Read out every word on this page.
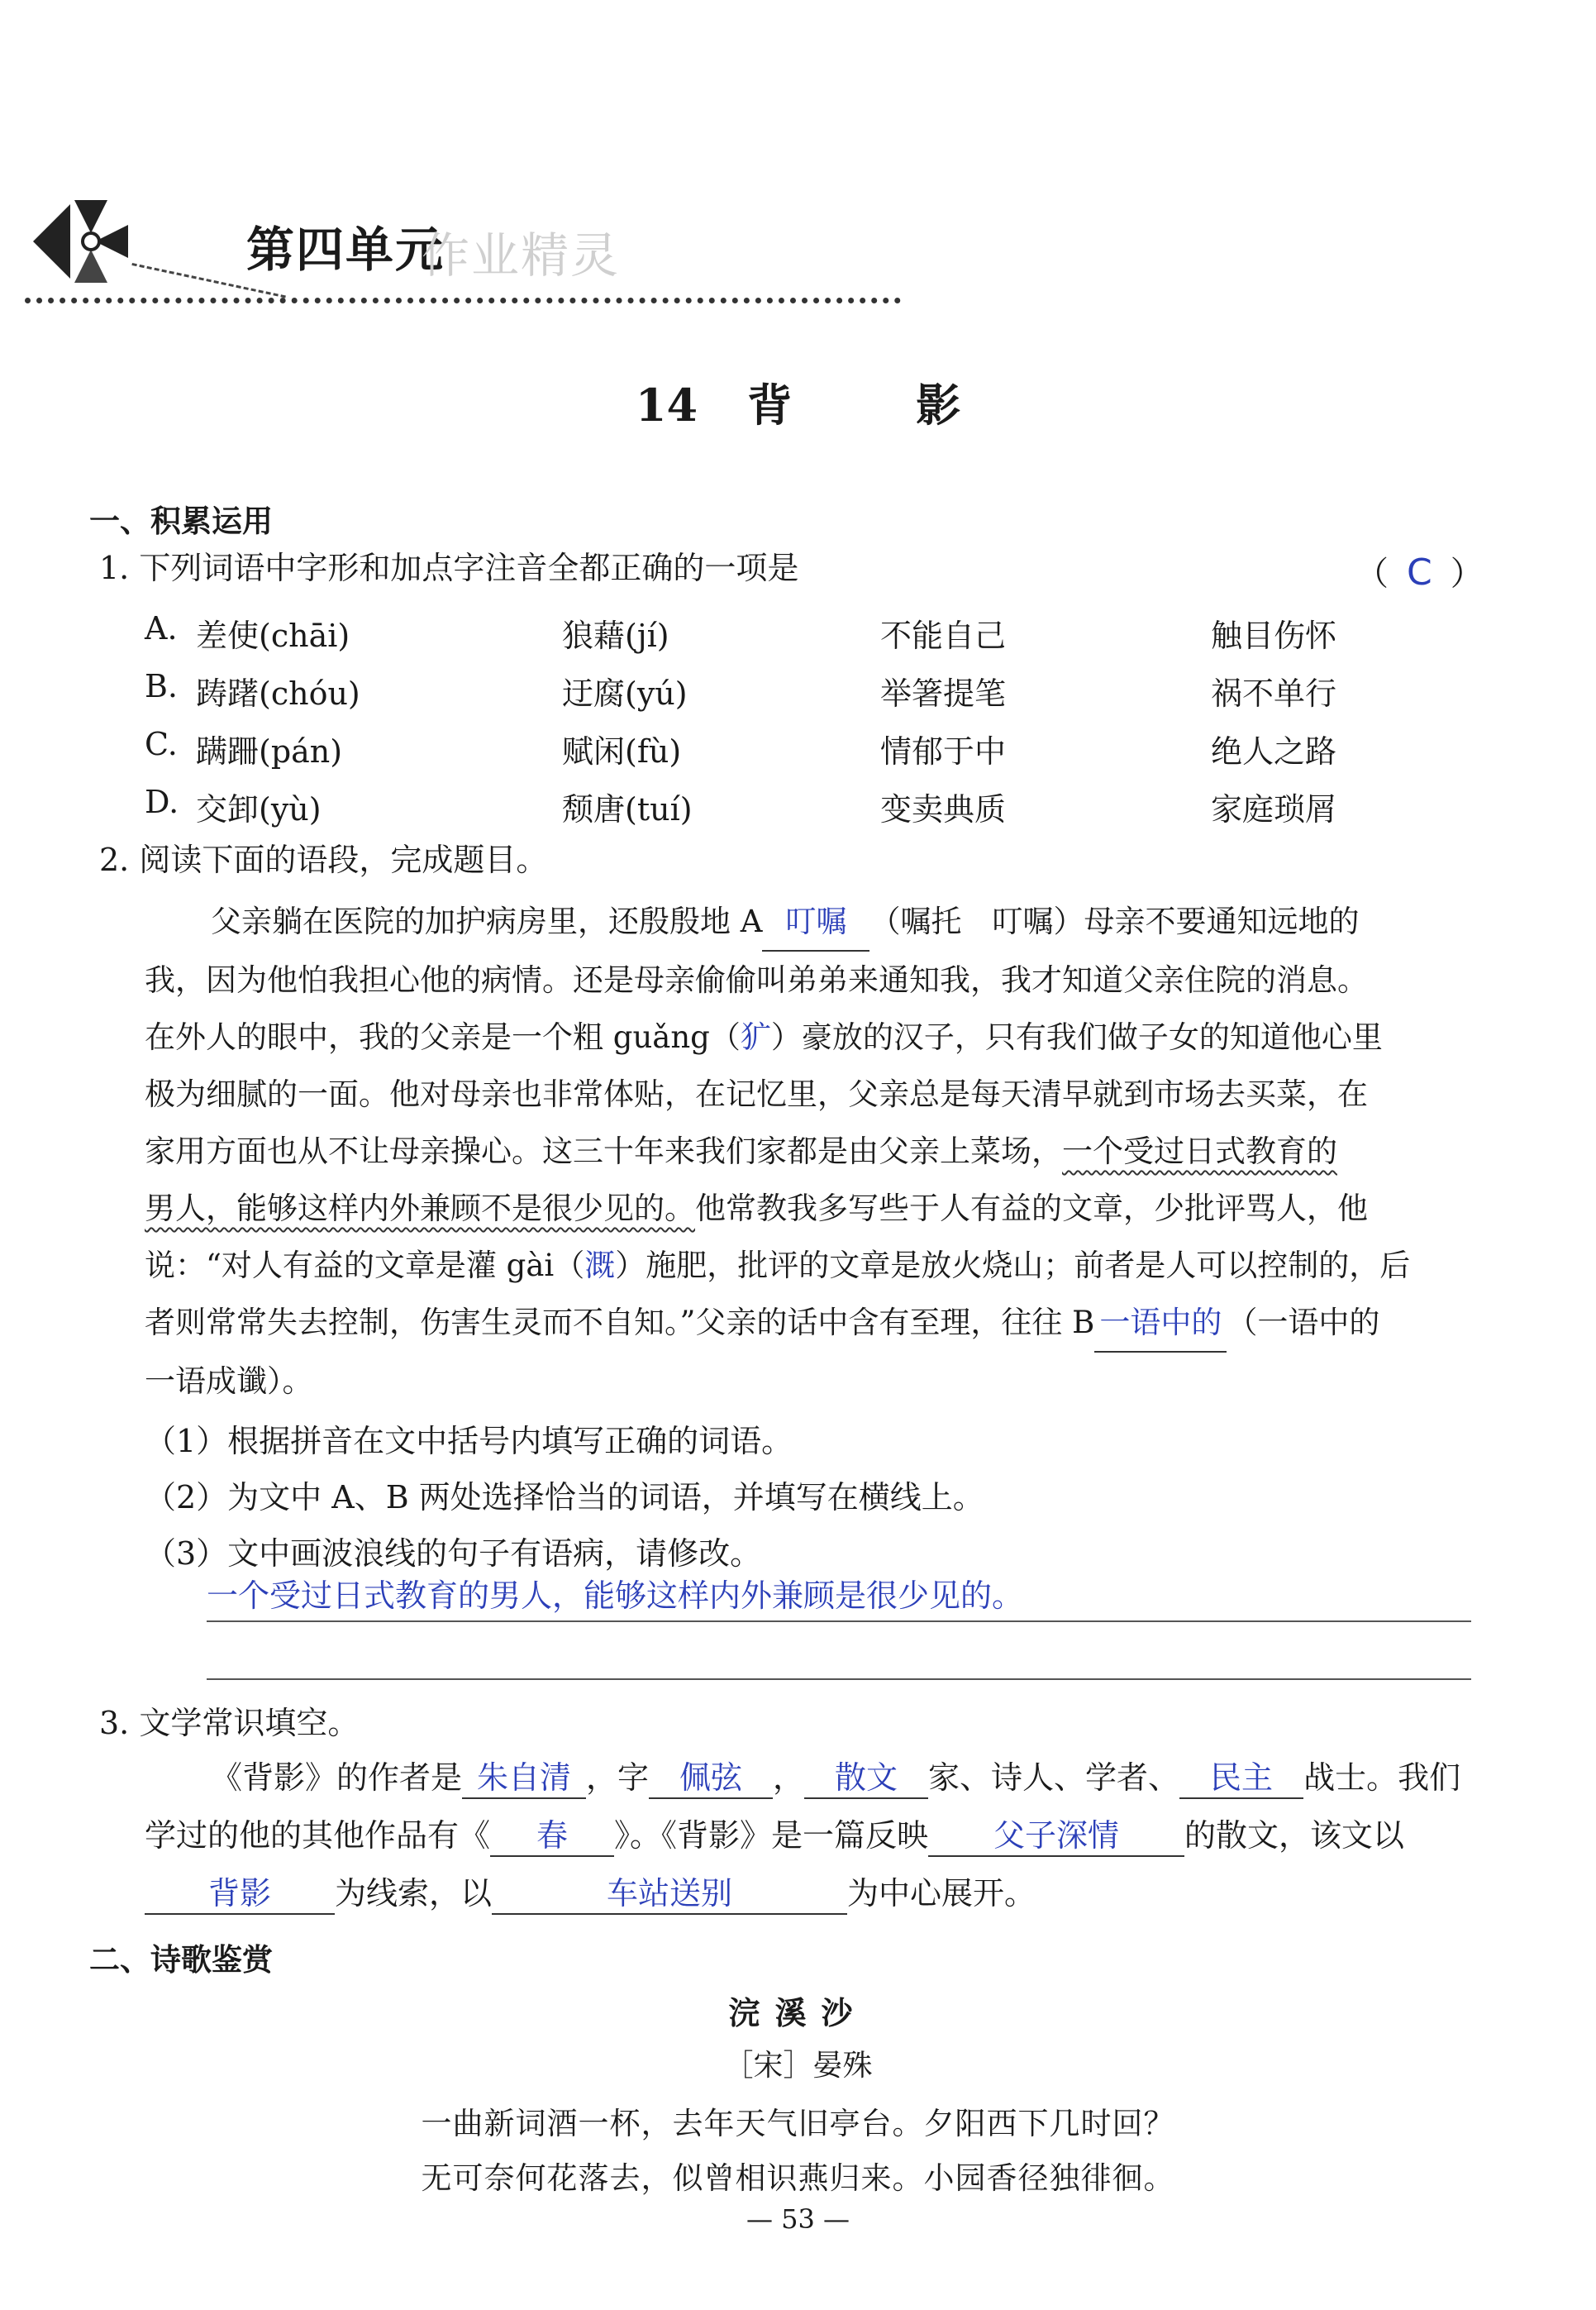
第四单元
作业精灵
14 背	影
一、积累运用
1. 下列词语中字形和加点字注音全都正确的一项是	（ C ）
A. 差使(chāi)	狼藉(jí)	不能自己	触目伤怀
B. 踌躇(chóu)	迂腐(yú)	举箸提笔	祸不单行
C. 蹒跚(pán)	赋闲(fù)	情郁于中	绝人之路
D. 交卸(yù)	颓唐(tuí)	变卖典质	家庭琐屑
2. 阅读下面的语段，完成题目。
父亲躺在医院的加护病房里，还殷殷地 A 叮嘱 （嘱托　叮嘱）母亲不要通知远地的
我，因为他怕我担心他的病情。还是母亲偷偷叫弟弟来通知我，我才知道父亲住院的消息。
在外人的眼中，我的父亲是一个粗 guǎng（犷）豪放的汉子，只有我们做子女的知道他心里
极为细腻的一面。他对母亲也非常体贴，在记忆里，父亲总是每天清早就到市场去买菜，在
家用方面也从不让母亲操心。这三十年来我们家都是由父亲上菜场，一个受过日式教育的
男人，能够这样内外兼顾不是很少见的。他常教我多写些于人有益的文章，少批评骂人，他
说：“对人有益的文章是灌 gài（溉）施肥，批评的文章是放火烧山；前者是人可以控制的，后
者则常常失去控制，伤害生灵而不自知。”父亲的话中含有至理，往往 B 一语中的 （一语中的
一语成谶）。
（1）根据拼音在文中括号内填写正确的词语。
（2）为文中 A、B 两处选择恰当的词语，并填写在横线上。
（3）文中画波浪线的句子有语病，请修改。
一个受过日式教育的男人，能够这样内外兼顾是很少见的。
3. 文学常识填空。
《背影》的作者是 朱自清 ，字 佩弦 ， 散文 家、诗人、学者、 民主 战士。我们
学过的他的其他作品有《 春 》。《背影》是一篇反映 父子深情 的散文，该文以
背影 为线索，以	车站送别	为中心展开。
二、诗歌鉴赏
浣溪沙
［宋］晏殊
一曲新词酒一杯，去年天气旧亭台。夕阳西下几时回？
无可奈何花落去，似曾相识燕归来。小园香径独徘徊。
— 53 —
